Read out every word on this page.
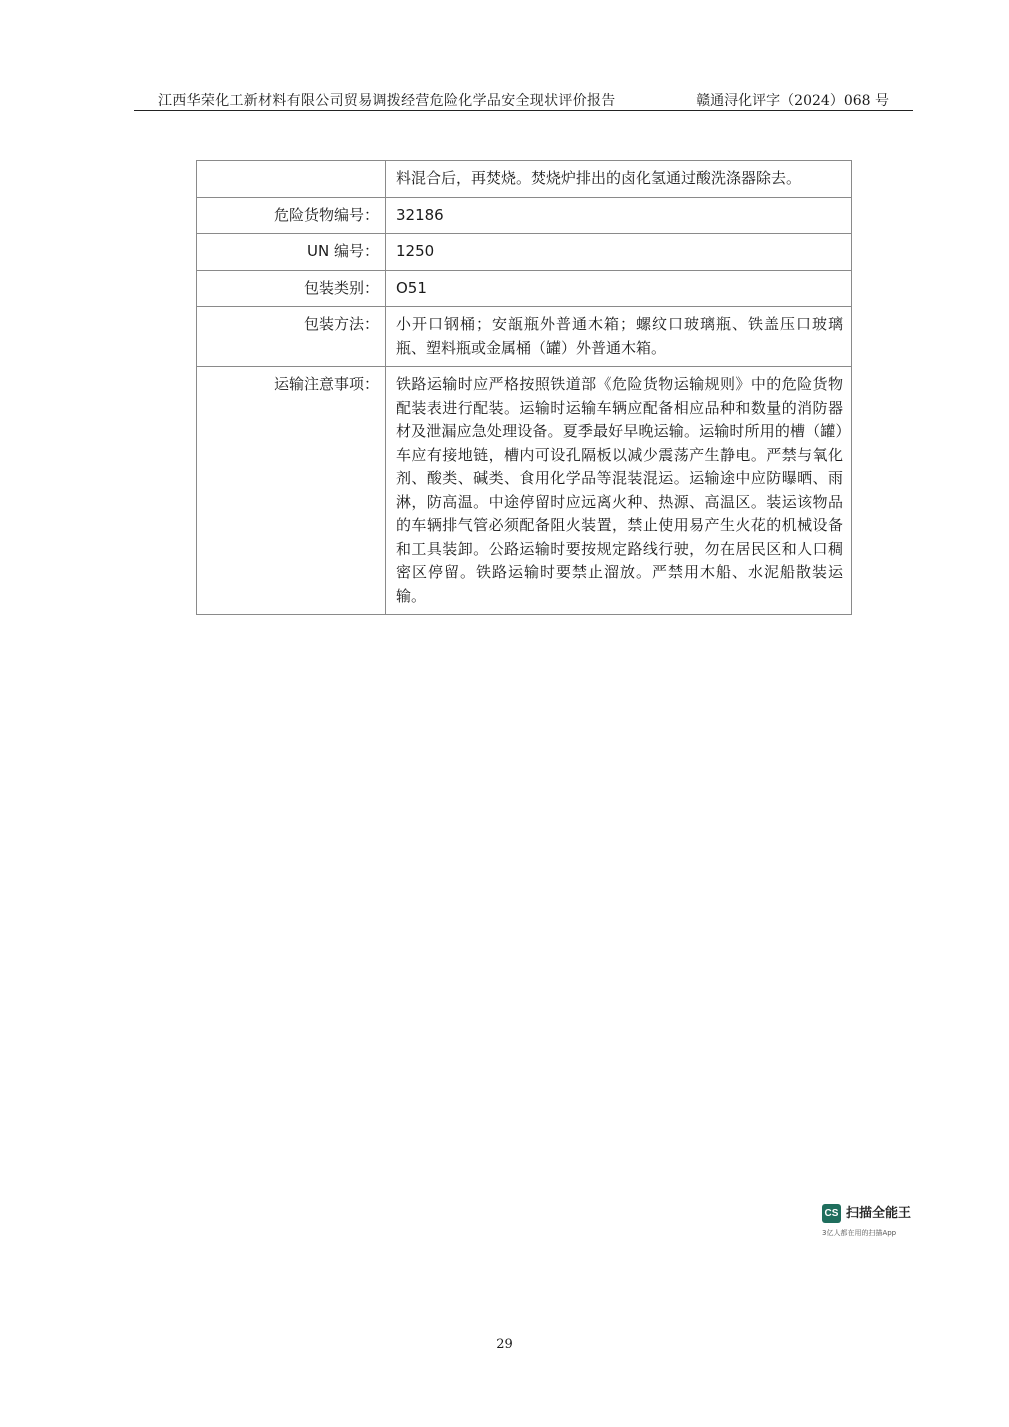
江西华荣化工新材料有限公司贸易调拨经营危险化学品安全现状评价报告	赣通浔化评字（2024）068 号
	料混合后，再焚烧。焚烧炉排出的卤化氢通过酸洗涤器除去。
危险货物编号：	32186
UN 编号：	1250
包装类别：	O51
包装方法：	小开口钢桶；安瓿瓶外普通木箱；螺纹口玻璃瓶、铁盖压口玻璃瓶、塑料瓶或金属桶（罐）外普通木箱。
运输注意事项：	铁路运输时应严格按照铁道部《危险货物运输规则》中的危险货物配装表进行配装。运输时运输车辆应配备相应品种和数量的消防器材及泄漏应急处理设备。夏季最好早晚运输。运输时所用的槽（罐）车应有接地链，槽内可设孔隔板以减少震荡产生静电。严禁与氧化剂、酸类、碱类、食用化学品等混装混运。运输途中应防曝晒、雨淋，防高温。中途停留时应远离火种、热源、高温区。装运该物品的车辆排气管必须配备阻火装置，禁止使用易产生火花的机械设备和工具装卸。公路运输时要按规定路线行驶，勿在居民区和人口稠密区停留。铁路运输时要禁止溜放。严禁用木船、水泥船散装运输。
CS 扫描全能王
3亿人都在用的扫描App
29
